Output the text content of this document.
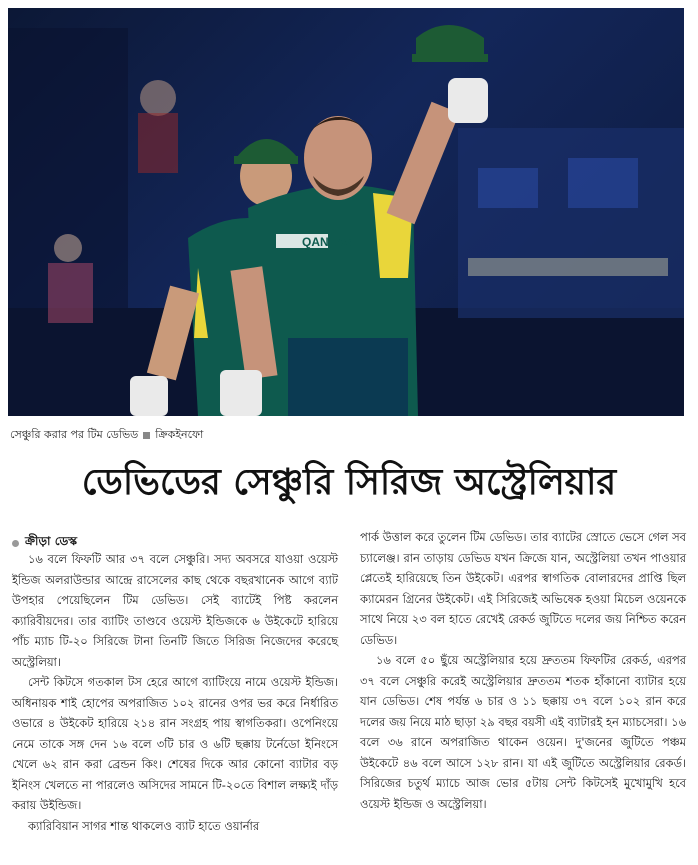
QANTAS
সেঞ্চুরি করার পর টিম ডেভিড ক্রিকইনফো
ডেভিডের সেঞ্চুরি সিরিজ অস্ট্রেলিয়ার
ক্রীড়া ডেস্ক

১৬ বলে ফিফটি আর ৩৭ বলে সেঞ্চুরি। সদ্য অবসরে যাওয়া ওয়েস্ট ইন্ডিজ অলরাউন্ডার আন্দ্রে রাসেলের কাছ থেকে বছরখানেক আগে ব্যাট উপহার পেয়েছিলেন টিম ডেভিড। সেই ব্যাটেই পিষ্ট করলেন ক্যারিবীয়দের। তার ব্যাটিং তাণ্ডবে ওয়েস্ট ইন্ডিজকে ৬ উইকেটে হারিয়ে পাঁচ ম্যাচ টি-২০ সিরিজে টানা তিনটি জিতে সিরিজ নিজেদের করেছে অস্ট্রেলিয়া।

সেন্ট কিটসে গতকাল টস হেরে আগে ব্যাটিংয়ে নামে ওয়েস্ট ইন্ডিজ। অধিনায়ক শাই হোপের অপরাজিত ১০২ রানের ওপর ভর করে নির্ধারিত ওভারে ৪ উইকেট হারিয়ে ২১৪ রান সংগ্রহ পায় স্বাগতিকরা। ওপেনিংয়ে নেমে তাকে সঙ্গ দেন ১৬ বলে ৩টি চার ও ৬টি ছক্কায় টর্নেডো ইনিংসে খেলে ৬২ রান করা ব্রেন্ডন কিং। শেষের দিকে আর কোনো ব্যাটার বড় ইনিংস খেলতে না পারলেও অসিদের সামনে টি-২০তে বিশাল লক্ষ্যই দাঁড় করায় উইন্ডিজ।

ক্যারিবিয়ান সাগর শান্ত থাকলেও ব্যাট হাতে ওয়ার্নার

পার্ক উত্তাল করে তুলেন টিম ডেভিড। তার ব্যাটের স্রোতে ভেসে গেল সব চ্যালেঞ্জ। রান তাড়ায় ডেভিড যখন ক্রিজে যান, অস্ট্রেলিয়া তখন পাওয়ার প্লেতেই হারিয়েছে তিন উইকেট। এরপর স্বাগতিক বোলারদের প্রাপ্তি ছিল ক্যামেরন গ্রিনের উইকেট। এই সিরিজেই অভিষেক হওয়া মিচেল ওয়েনকে সাথে নিয়ে ২৩ বল হাতে রেখেই রেকর্ড জুটিতে দলের জয় নিশ্চিত করেন ডেভিড।

১৬ বলে ৫০ ছুঁয়ে অস্ট্রেলিয়ার হয়ে দ্রুততম ফিফটির রেকর্ড, এরপর ৩৭ বলে সেঞ্চুরি করেই অস্ট্রেলিয়ার দ্রুততম শতক হাঁকানো ব্যাটার হয়ে যান ডেভিড। শেষ পর্যন্ত ৬ চার ও ১১ ছক্কায় ৩৭ বলে ১০২ রান করে দলের জয় নিয়ে মাঠ ছাড়া ২৯ বছর বয়সী এই ব্যাটারই হন ম্যাচসেরা। ১৬ বলে ৩৬ রানে অপরাজিত থাকেন ওয়েন। দু'জনের জুটিতে পঞ্চম উইকেটে ৪৬ বলে আসে ১২৮ রান। যা এই জুটিতে অস্ট্রেলিয়ার রেকর্ড। সিরিজের চতুর্থ ম্যাচে আজ ভোর ৫টায় সেন্ট কিটসেই মুখোমুখি হবে ওয়েস্ট ইন্ডিজ ও অস্ট্রেলিয়া।
